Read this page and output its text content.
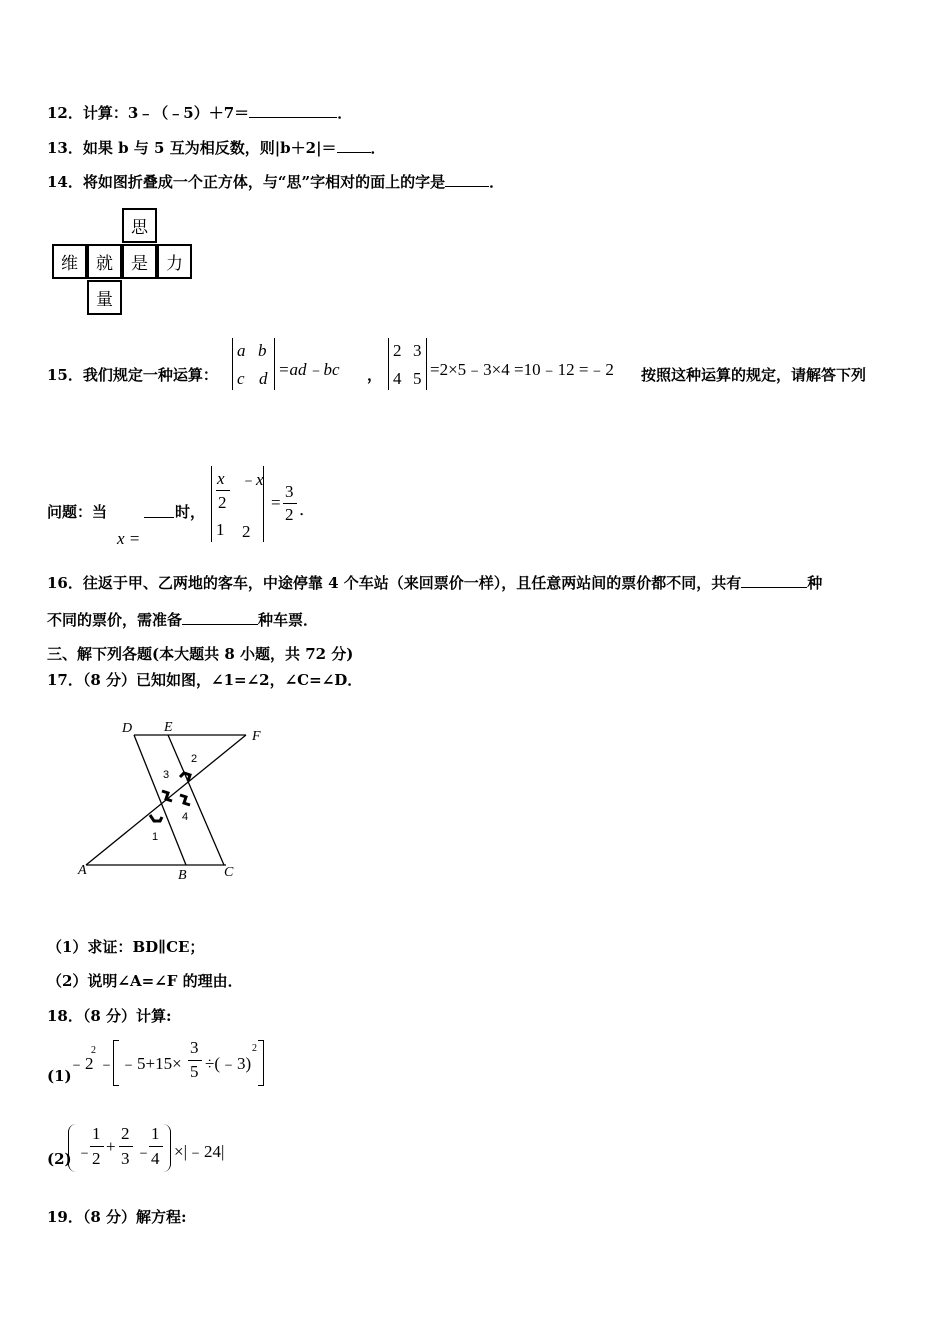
12．计算：3﹣（﹣5）＋7＝	．
13．如果 b 与 5 互为相反数，则|b＋2|＝ ．
14．将如图折叠成一个正方体，与“思”字相对的面上的字是	．
思
维	就	是	力
量
15．我们规定一种运算：
a b
c d =ad﹣bc ，
2 3
4 5 =2×5﹣3×4 =10﹣12 =﹣2 按照这种运算的规定，请解答下列
问题：当	时，
x =
x
2
﹣x
1 2
=
3
2 ．
16．往返于甲、乙两地的客车，中途停靠 4 个车站（来回票价一样），且任意两站间的票价都不同，共有	种
不同的票价，需准备	种车票．
三、解下列各题(本大题共 8 小题，共 72 分)
17．（8 分）已知如图，∠1=∠2，∠C=∠D．
D E
F
A	B	C
2
3
4
1
（1）求证：BD∥CE；
（2）说明∠A=∠F 的理由．
18．（8 分）计算:
(1)
﹣2
2
﹣ ﹣5+15×
3
5 ÷(﹣3)
2
(2) ﹣
1
2
+
2
3 ﹣
1
4 ×|﹣24|
19．（8 分）解方程:
